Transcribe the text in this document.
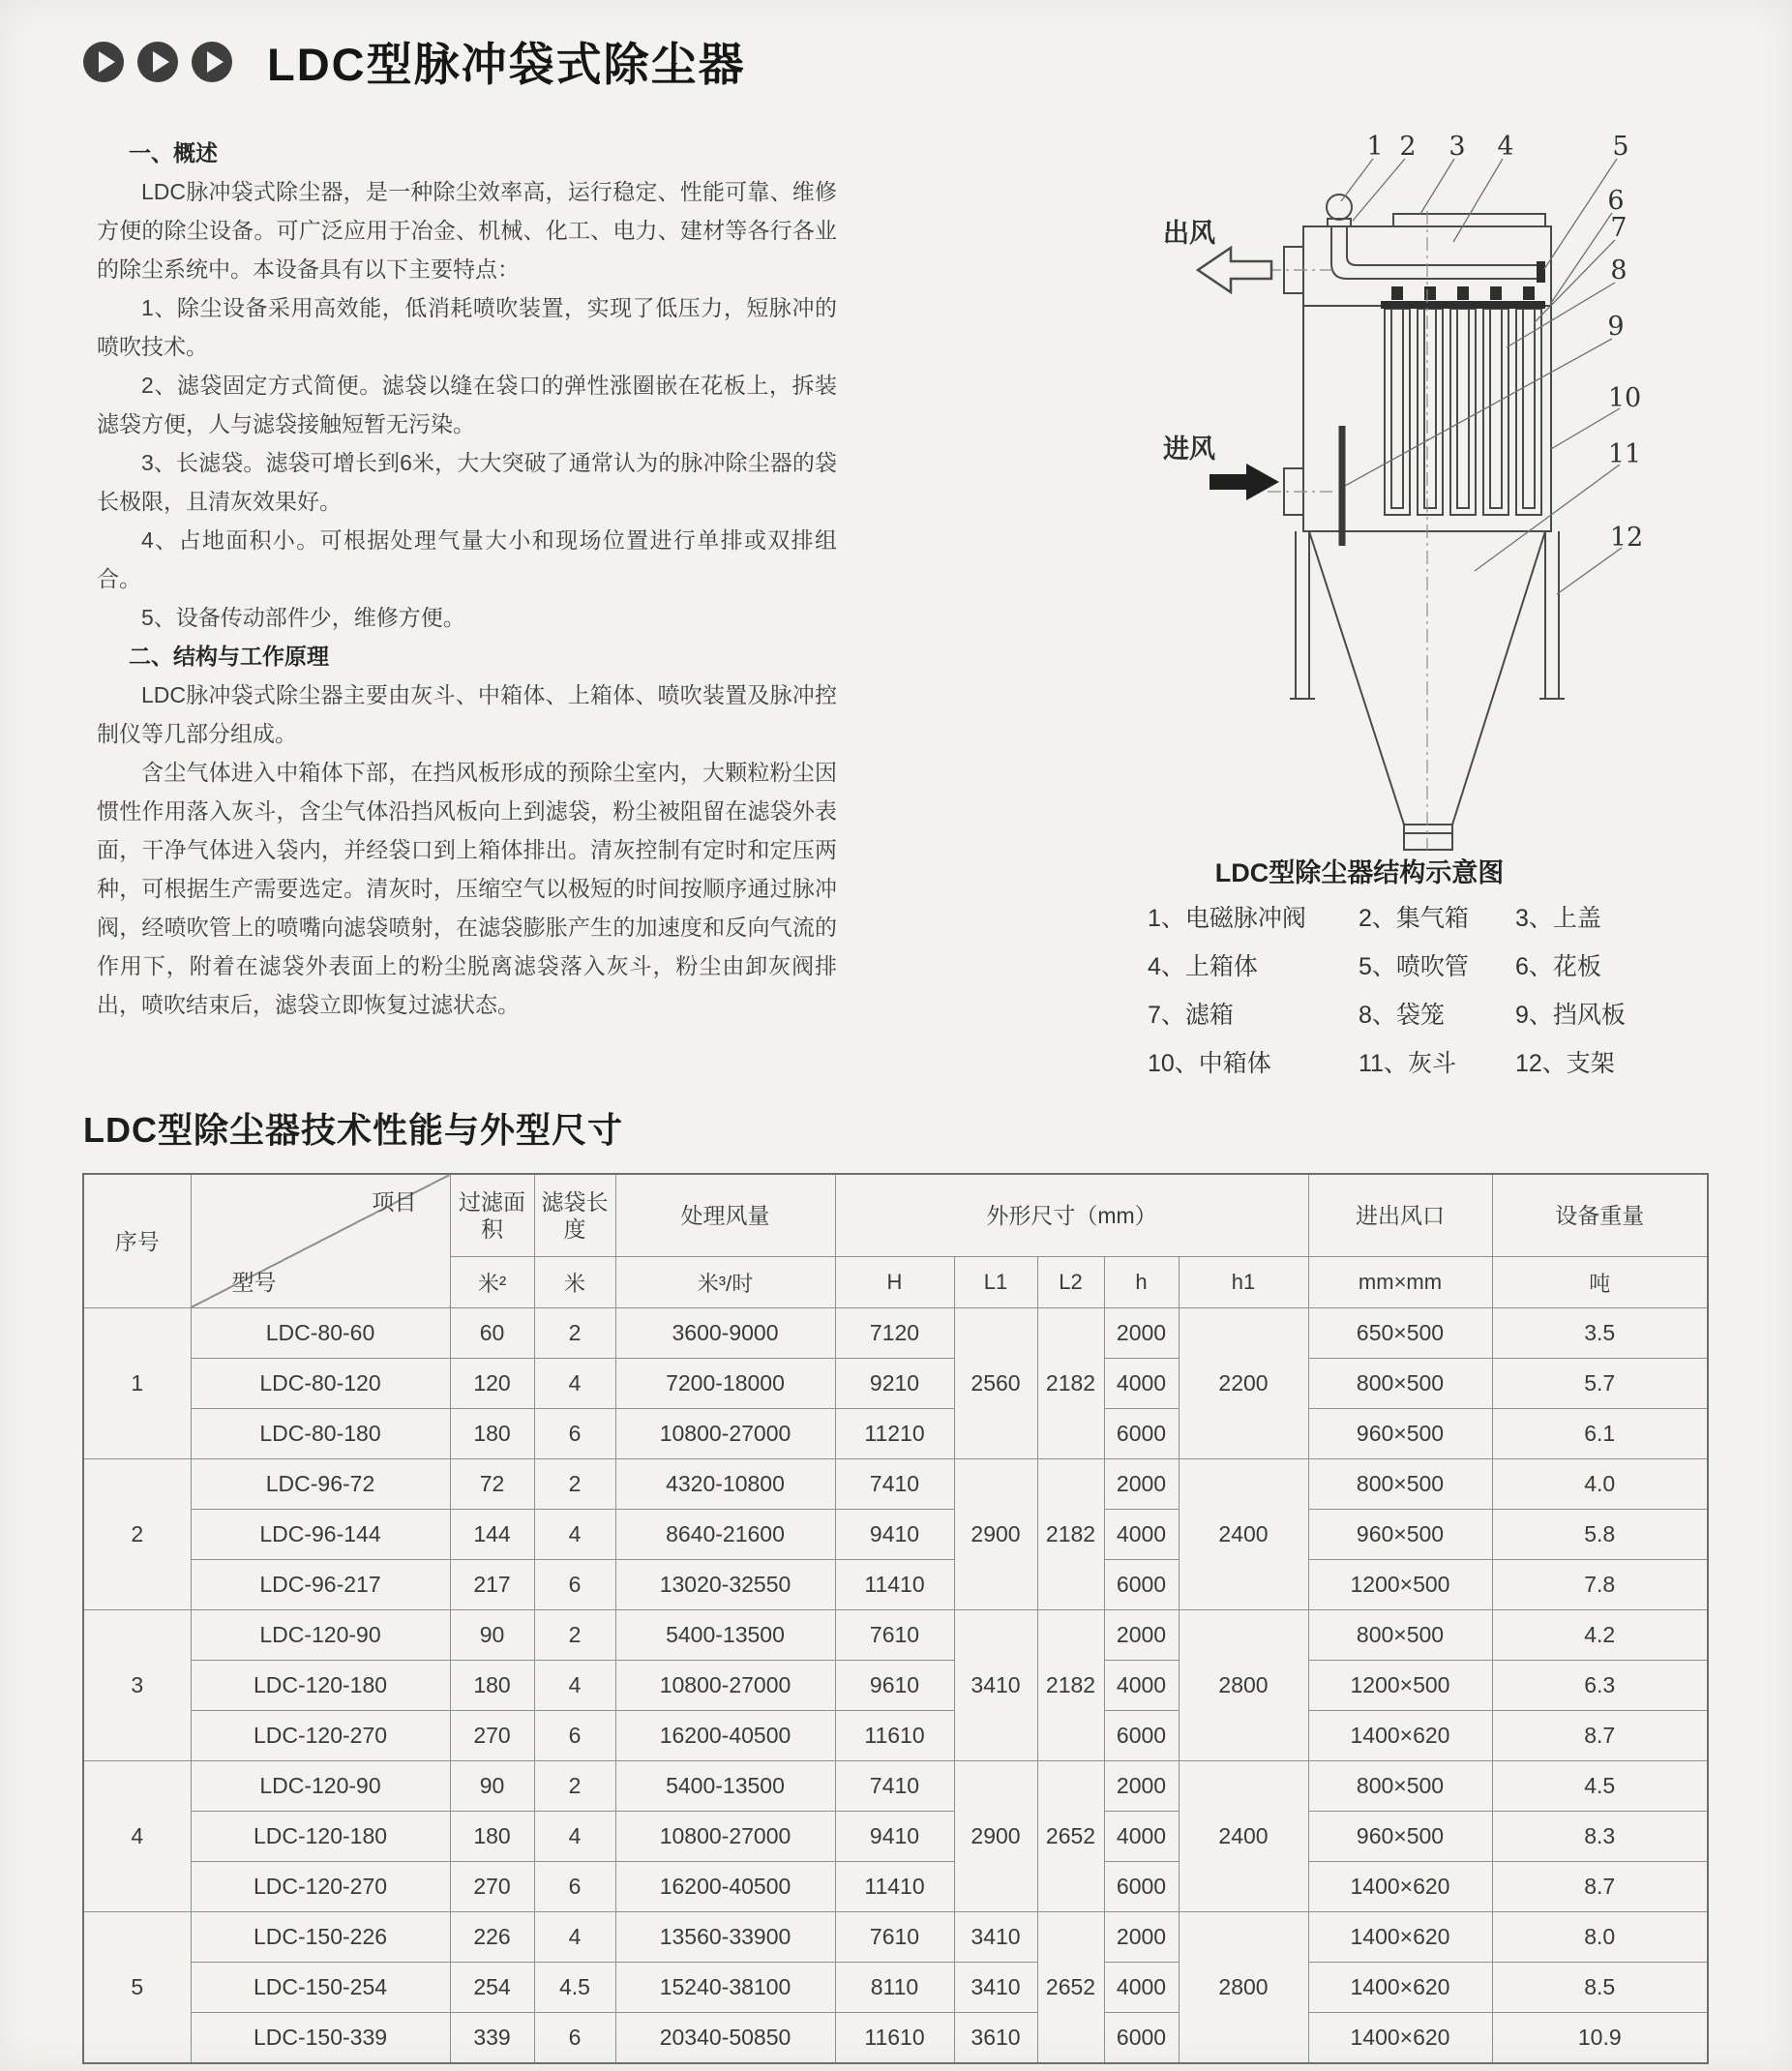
LDC型脉冲袋式除尘器

一、概述

LDC脉冲袋式除尘器，是一种除尘效率高，运行稳定、性能可靠、维修方便的除尘设备。可广泛应用于冶金、机械、化工、电力、建材等各行各业的除尘系统中。本设备具有以下主要特点：

1、除尘设备采用高效能，低消耗喷吹装置，实现了低压力，短脉冲的喷吹技术。

2、滤袋固定方式简便。滤袋以缝在袋口的弹性涨圈嵌在花板上，拆装滤袋方便，人与滤袋接触短暂无污染。

3、长滤袋。滤袋可增长到6米，大大突破了通常认为的脉冲除尘器的袋长极限，且清灰效果好。

4、占地面积小。可根据处理气量大小和现场位置进行单排或双排组合。

5、设备传动部件少，维修方便。

二、结构与工作原理

LDC脉冲袋式除尘器主要由灰斗、中箱体、上箱体、喷吹装置及脉冲控制仪等几部分组成。

含尘气体进入中箱体下部，在挡风板形成的预除尘室内，大颗粒粉尘因惯性作用落入灰斗，含尘气体沿挡风板向上到滤袋，粉尘被阻留在滤袋外表面，干净气体进入袋内，并经袋口到上箱体排出。清灰控制有定时和定压两种，可根据生产需要选定。清灰时，压缩空气以极短的时间按顺序通过脉冲阀，经喷吹管上的喷嘴向滤袋喷射，在滤袋膨胀产生的加速度和反向气流的作用下，附着在滤袋外表面上的粉尘脱离滤袋落入灰斗，粉尘由卸灰阀排出，喷吹结束后，滤袋立即恢复过滤状态。

出风
进风
1 2 3 4	5
6
7
8
9
10
11
12
LDC型除尘器结构示意图
1、电磁脉冲阀	2、集气箱	3、上盖
4、上箱体	5、喷吹管	6、花板
7、滤箱	8、袋笼	9、挡风板
10、中箱体	11、灰斗	12、支架
LDC型除尘器技术性能与外型尺寸
序号	项目
型号	过滤面积	滤袋长度	处理风量	外形尺寸（mm）					进出风口	设备重量
		米²	米	米³/时	H	L1	L2	h	h1	mm×mm	吨
1	LDC-80-60	60	2	3600-9000	7120	2560	2182	2000	2200	650×500	3.5
	LDC-80-120	120	4	7200-18000	9210			4000		800×500	5.7
	LDC-80-180	180	6	10800-27000	11210			6000		960×500	6.1
2	LDC-96-72	72	2	4320-10800	7410	2900	2182	2000	2400	800×500	4.0
	LDC-96-144	144	4	8640-21600	9410			4000		960×500	5.8
	LDC-96-217	217	6	13020-32550	11410			6000		1200×500	7.8
3	LDC-120-90	90	2	5400-13500	7610	3410	2182	2000	2800	800×500	4.2
	LDC-120-180	180	4	10800-27000	9610			4000		1200×500	6.3
	LDC-120-270	270	6	16200-40500	11610			6000		1400×620	8.7
4	LDC-120-90	90	2	5400-13500	7410	2900	2652	2000	2400	800×500	4.5
	LDC-120-180	180	4	10800-27000	9410			4000		960×500	8.3
	LDC-120-270	270	6	16200-40500	11410			6000		1400×620	8.7
5	LDC-150-226	226	4	13560-33900	7610	3410	2652	2000	2800	1400×620	8.0
	LDC-150-254	254	4.5	15240-38100	8110	3410		4000		1400×620	8.5
	LDC-150-339	339	6	20340-50850	11610	3610		6000		1400×620	10.9
